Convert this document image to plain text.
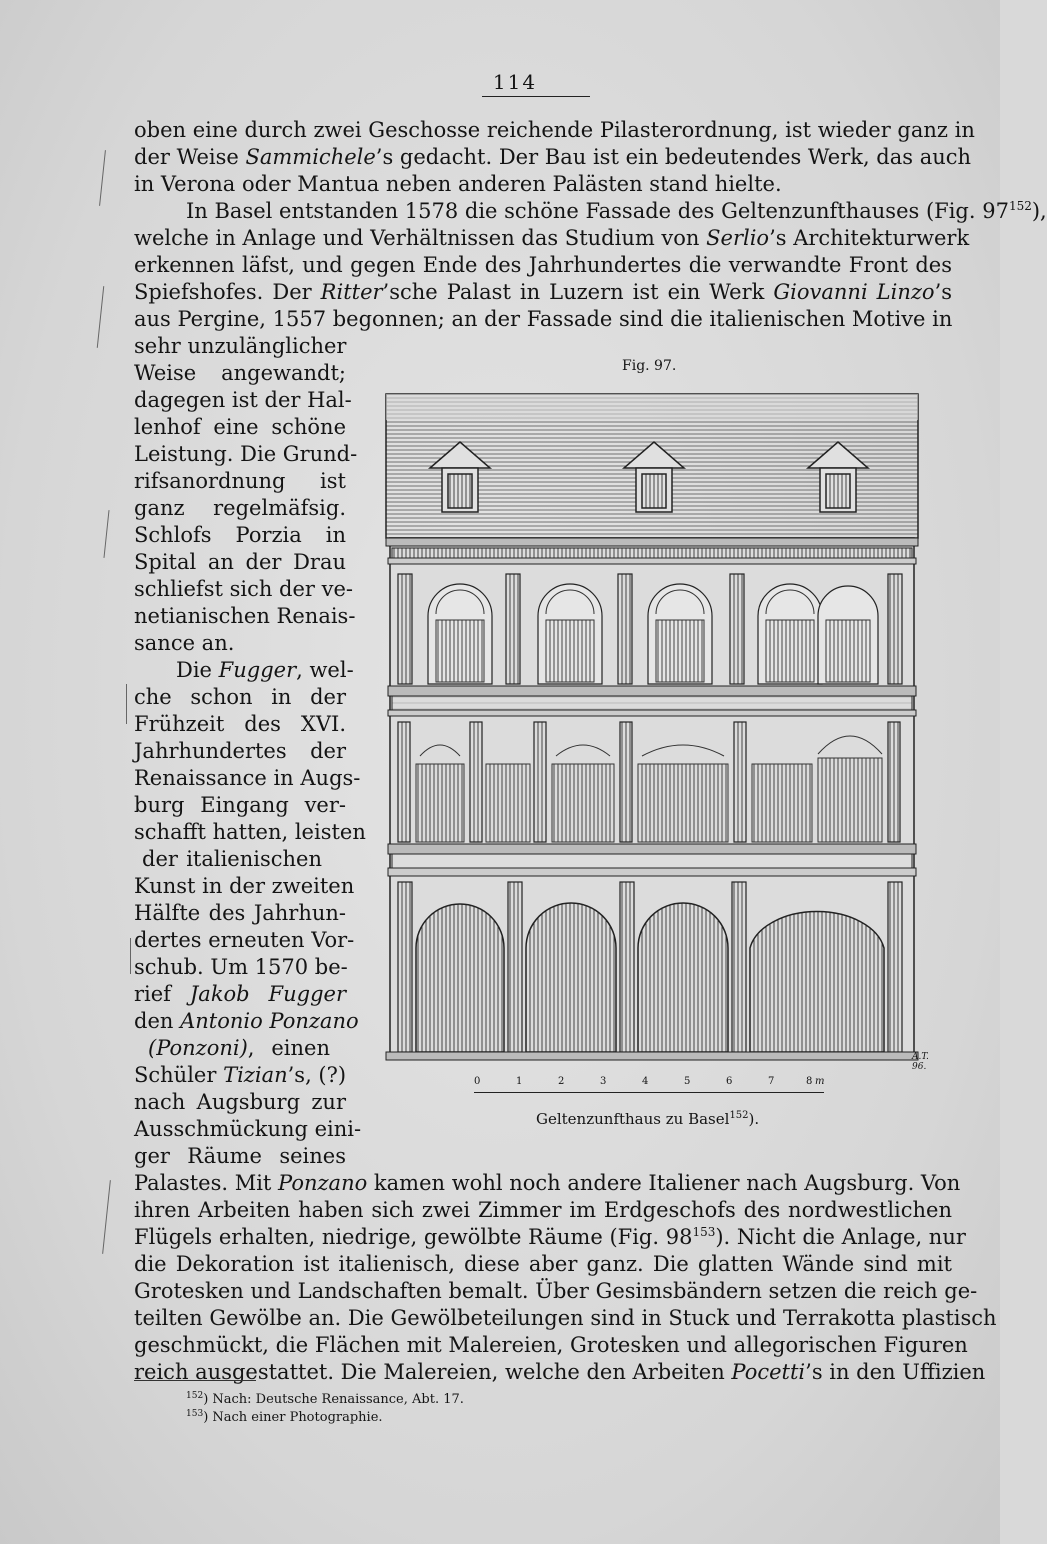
114
oben eine durch zwei Geschosse reichende Pilasterordnung, ist wieder ganz in
der Weise Sammichele’s gedacht. Der Bau ist ein bedeutendes Werk, das auch
in Verona oder Mantua neben anderen Palästen stand hielte.
In Basel entstanden 1578 die schöne Fassade des Geltenzunfthauses (Fig. $97^{152}$),
welche in Anlage und Verhältnissen das Studium von Serlio’s Architekturwerk
erkennen läfst, und gegen Ende des Jahrhundertes die verwandte Front des
Spiefshofes. Der Ritter’sche Palast in Luzern ist ein Werk Giovanni Linzo’s
aus Pergine, 1557 begonnen; an der Fassade sind die italienischen Motive in
sehr unzulänglicher
Weise angewandt;
dagegen ist der Hal-
lenhof eine schöne
Leistung. Die Grund-
rifsanordnung ist
ganz regelmäfsig.
Schlofs Porzia in
Spital an der Drau
schliefst sich der ve-
netianischen Renais-
sance an.
Die Fugger, wel-
che schon in der
Frühzeit des XVI.
Jahrhundertes der
Renaissance in Augs-
burg Eingang ver-
schafft hatten, leisten
der italienischen
Kunst in der zweiten
Hälfte des Jahrhun-
dertes erneuten Vor-
schub. Um 1570 be-
rief Jakob Fugger
den Antonio Ponzano
(Ponzoni), einen
Schüler Tizian’s, (?)
nach Augsburg zur
Ausschmückung eini-
ger Räume seines
Palastes. Mit Ponzano kamen wohl noch andere Italiener nach Augsburg. Von
ihren Arbeiten haben sich zwei Zimmer im Erdgeschofs des nordwestlichen
Flügels erhalten, niedrige, gewölbte Räume (Fig. $98^{153}$). Nicht die Anlage, nur
die Dekoration ist italienisch, diese aber ganz. Die glatten Wände sind mit
Grotesken und Landschaften bemalt. Über Gesimsbändern setzen die reich ge-
teilten Gewölbe an. Die Gewölbeteilungen sind in Stuck und Terrakotta plastisch
geschmückt, die Flächen mit Malereien, Grotesken und allegorischen Figuren
reich ausgestattet. Die Malereien, welche den Arbeiten Pocetti’s in den Uffizien
Fig. 97.
0	1	2	3	4	5	6	7	8 m
A.T. 96.
Geltenzunfthaus zu Basel$^{152}$).
$^{152}$) Nach: Deutsche Renaissance, Abt. 17.
$^{153}$) Nach einer Photographie.
